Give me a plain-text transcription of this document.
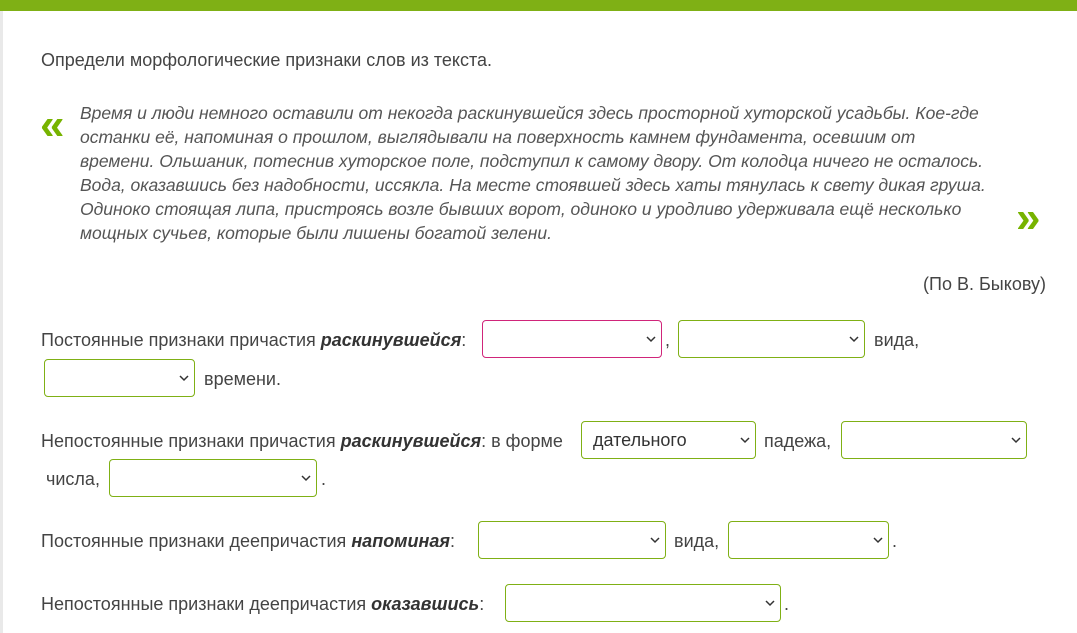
Определи морфологические признаки слов из текста.
« Время и люди немного оставили от некогда раскинувшейся здесь просторной хуторской усадьбы. Кое-где
останки её, напоминая о прошлом, выглядывали на поверхность камнем фундамента, осевшим от
времени. Ольшаник, потеснив хуторское поле, подступил к самому двору. От колодца ничего не осталось.
Вода, оказавшись без надобности, иссякла. На месте стоявшей здесь хаты тянулась к свету дикая груша.
Одиноко стоящая липа, пристроясь возле бывших ворот, одиноко и уродливо удерживала ещё несколько
мощных сучьев, которые были лишены богатой зелени.	»
(По В. Быкову)
Постоянные признаки причастия раскинувшейся:	,	вида,
времени.
Непостоянные признаки причастия раскинувшейся: в форме дательного	падежа,
числа,	.
Постоянные признаки деепричастия напоминая:	вида,	.
Непостоянные признаки деепричастия оказавшись:	.
